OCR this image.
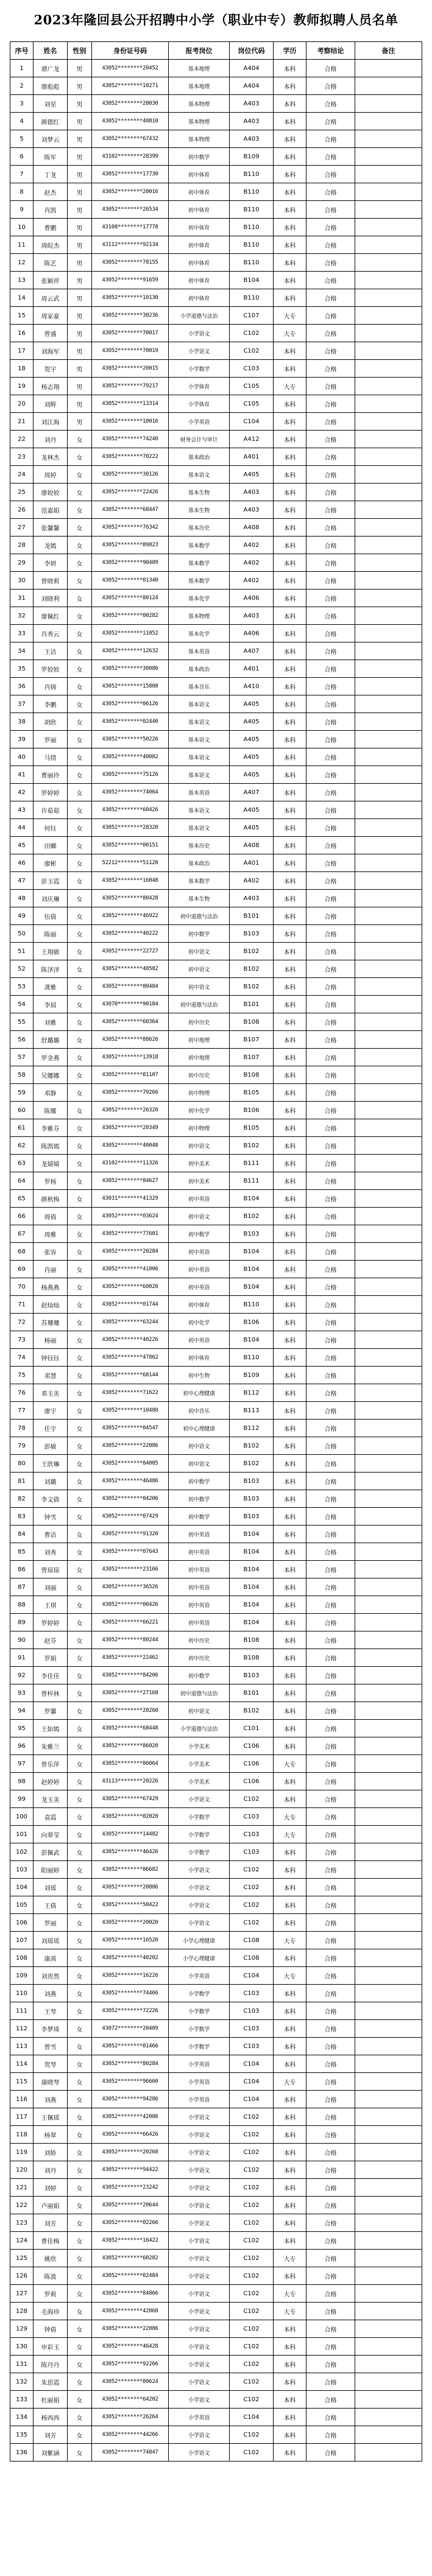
2023年隆回县公开招聘中小学（职业中专）教师拟聘人员名单
序号	姓名	性别	身份证号码	报考岗位	岗位代码	学历	考察结论	备注
1	谭广龙	男	43052********20452	基本地理	A404	本科	合格	
2	廖彪彪	男	43052********10271	基本地理	A404	本科	合格	
3	刘星	男	43052********20030	基本物理	A403	本科	合格	
4	颜德红	男	43052********40810	基本物理	A403	本科	合格	
5	刘梦云	男	43052********67432	基本物理	A403	本科	合格	
6	陈军	男	43102********28399	初中数学	B109	本科	合格	
7	丁龙	男	43052********17730	初中体育	B110	本科	合格	
8	赵杰	男	43052********20016	初中体育	B110	本科	合格	
9	肖凯	男	43052********26534	初中体育	B110	本科	合格	
10	曹鹏	男	43108********17778	初中体育	B110	本科	合格	
11	周皖杰	男	43112********92134	初中体育	B110	本科	合格	
12	陈艺	男	43052********78155	初中体育	B110	本科	合格	
13	张颖祥	男	43052********91659	初中体育	B104	本科	合格	
14	周云武	男	43052********10130	初中体育	B110	本科	合格	
15	周家豪	男	43052********30236	小学道德与法治	C107	大专	合格	
16	曾盛	男	43052********70017	小学语文	C102	大专	合格	
17	刘海军	男	43052********70019	小学语文	C102	本科	合格	
18	贺宇	男	43052********20015	小学数学	C103	本科	合格	
19	杨志翔	男	43052********79217	小学体育	C105	大专	合格	
20	刘辉	男	43052********13314	小学体育	C105	本科	合格	
21	刘江海	男	43052********10016	小学英语	C104	本科	合格	
22	刘丹	女	43052********74240	财务会计与审计	A412	本科	合格	
23	龙林杰	女	43052********70222	基本政治	A401	本科	合格	
24	周婷	女	43052********30126	基本语文	A405	本科	合格	
25	廖姣姣	女	43052********22426	基本生物	A403	本科	合格	
26	范嘉娟	女	43052********68447	基本生物	A403	本科	合格	
27	张馨馨	女	43052********76342	基本历史	A408	本科	合格	
28	龙嫣	女	43052********89823	基本数学	A402	本科	合格	
29	李妍	女	43052********90489	基本数学	A402	本科	合格	
30	曾晓莉	女	43052********01340	基本数学	A402	本科	合格	
31	刘晓利	女	43052********80124	基本化学	A406	本科	合格	
32	廖佩红	女	43052********00282	基本物理	A403	本科	合格	
33	肖秀云	女	43052********11052	基本化学	A406	本科	合格	
34	王洁	女	43052********12632	基本英语	A407	本科	合格	
35	罗姣姣	女	43052********30086	基本政治	A401	本科	合格	
36	肖锦	女	43052********15808	基本音乐	A410	本科	合格	
37	李鹏	女	43052********06126	基本语文	A405	本科	合格	
38	胡欣	女	43052********02440	基本语文	A405	本科	合格	
39	罗丽	女	43052********50226	基本语文	A405	本科	合格	
40	马情	女	43052********40082	基本语文	A405	本科	合格	
41	曹丽玲	女	43052********75126	基本语文	A405	本科	合格	
42	罗婷婷	女	43052********74064	基本英语	A407	本科	合格	
43	许茹茹	女	43052********60426	基本语文	A405	本科	合格	
44	何钰	女	43052********28320	基本语文	A405	本科	合格	
45	田卿	女	43052********00151	基本历史	A408	本科	合格	
46	廖彬	女	52212********51120	基本政治	A401	本科	合格	
47	彭玉霞	女	43052********16048	基本数学	A402	本科	合格	
48	刘庆琳	女	43052********80428	基本生物	A403	本科	合格	
49	伍倩	女	43052********46922	初中道德与法治	B101	本科	合格	
50	陈丽	女	43052********40222	初中数学	B103	本科	合格	
51	王翔敏	女	43052********22727	初中语文	B102	本科	合格	
52	陈泽泽	女	43052********40582	初中语文	B102	本科	合格	
53	龚雅	女	43052********80484	初中语文	B102	本科	合格	
54	李晨	女	43070********90184	初中道德与法治	B101	本科	合格	
55	刘雅	女	43052********60364	初中历史	B108	本科	合格	
56	舒璐璐	女	43052********88626	初中地理	B107	本科	合格	
57	罗金燕	女	43052********13918	初中地理	B107	本科	合格	
58	吴娜娜	女	43052********81107	初中历史	B108	本科	合格	
59	邓静	女	43052********79266	初中物理	B105	本科	合格	
60	陈娜	女	43052********26320	初中化学	B106	本科	合格	
61	李雅芬	女	43052********20349	初中物理	B105	本科	合格	
62	陈凯嫣	女	43052********40048	初中语文	B102	本科	合格	
63	龙婧婧	女	43102********11326	初中美术	B111	本科	合格	
64	罗杨	女	43052********84627	初中美术	B111	本科	合格	
65	颜秋梅	女	43031********41329	初中英语	B104	本科	合格	
66	周倩	女	43052********03624	初中语文	B102	本科	合格	
67	周雅	女	43052********77601	初中数学	B103	本科	合格	
68	张容	女	43052********20284	初中英语	B104	本科	合格	
69	肖丽	女	43052********41006	初中英语	B104	本科	合格	
70	杨燕燕	女	43052********60020	初中英语	B104	本科	合格	
71	赵灿灿	女	43052********01744	初中体育	B110	本科	合格	
72	苏珊珊	女	43052********63244	初中化学	B106	本科	合格	
73	杨丽	女	43052********40226	初中英语	B104	本科	合格	
74	钟钰钰	女	43052********47862	初中体育	B110	本科	合格	
75	邓慧	女	43052********68144	初中生物	B109	本科	合格	
76	邓玉美	女	43052********71622	初中心理健康	B112	本科	合格	
77	廖宇	女	43052********10480	初中音乐	B113	本科	合格	
78	任宇	女	43052********04547	初中心理健康	B112	本科	合格	
79	彭敏	女	43052********22086	初中语文	B102	本科	合格	
80	王欣琳	女	43052********84005	初中语文	B102	本科	合格	
81	刘璐	女	43052********46486	初中数学	B103	本科	合格	
82	李文倩	女	43052********04206	初中数学	B103	本科	合格	
83	钟雪	女	43052********07429	初中数学	B103	本科	合格	
84	曹洁	女	43052********91320	初中英语	B104	本科	合格	
85	刘秀	女	43052********07643	初中英语	B104	本科	合格	
86	曾琼琼	女	43052********23166	初中英语	B104	本科	合格	
87	刘丽	女	43052********36526	初中英语	B104	本科	合格	
88	王琪	女	43052********00426	初中英语	B104	本科	合格	
89	罗婷婷	女	43052********66221	初中英语	B104	本科	合格	
90	赵芬	女	43052********80244	初中历史	B108	本科	合格	
91	罗娟	女	43052********22462	初中历史	B108	本科	合格	
92	李佳佳	女	43052********84206	初中数学	B103	本科	合格	
93	曾梓林	女	43052********27168	初中道德与法治	B101	本科	合格	
94	罗馨	女	43052********20260	初中语文	B102	本科	合格	
95	王如嫣	女	43052********68448	小学道德与法治	C101	本科	合格	
96	朱雅兰	女	43052********86020	小学美术	C106	本科	合格	
97	曾乐萍	女	43052********86064	小学美术	C106	大专	合格	
98	赵婷婷	女	43113********20226	小学美术	C106	本科	合格	
99	龙玉美	女	43052********67429	小学语文	C102	本科	合格	
100	袁霞	女	43052********02020	小学数学	C103	大专	合格	
101	向翠莹	女	43052********14482	小学数学	C103	大专	合格	
102	彭佩武	女	43052********46426	小学数学	C103	本科	合格	
103	阳丽婷	女	43052********86682	小学语文	C102	本科	合格	
104	刘瑶	女	43052********20886	小学语文	C102	本科	合格	
105	王倩	女	43052********50422	小学语文	C102	本科	合格	
106	罗丽	女	43052********20020	小学语文	C102	本科	合格	
107	刘瑶瑶	女	43052********16520	小学心理健康	C108	大专	合格	
108	康茜	女	43052********40202	小学心理健康	C108	本科	合格	
109	刘贵然	女	43052********16226	小学英语	C104	大专	合格	
110	刘燕	女	43052********74466	小学数学	C103	本科	合格	
111	王琴	女	43052********72226	小学数学	C103	本科	合格	
112	李梦琦	女	43072********20409	小学数学	C103	本科	合格	
113	曾雪	女	43052********01466	小学数学	C103	本科	合格	
114	贺琴	女	43052********80284	小学英语	C104	本科	合格	
115	康晓琴	女	43052********96660	小学英语	C104	大专	合格	
116	刘燕	女	43052********94286	小学英语	C104	本科	合格	
117	王佩瑶	女	43052********42086	小学语文	C102	本科	合格	
118	杨翠	女	43052********66426	小学语文	C102	本科	合格	
119	刘娇	女	43052********20268	小学语文	C102	本科	合格	
120	刘丹	女	43052********94422	小学语文	C102	本科	合格	
121	刘婷	女	43052********23242	小学语文	C102	本科	合格	
122	卢丽娟	女	43052********20644	小学语文	C102	本科	合格	
123	刘芳	女	43052********02266	小学语文	C102	本科	合格	
124	曹佳梅	女	43052********16422	小学语文	C102	本科	合格	
125	姚欣	女	43052********60282	小学语文	C102	大专	合格	
126	陈波	女	43052********02484	小学语文	C102	本科	合格	
127	罗莉	女	43052********84866	小学语文	C102	大专	合格	
128	毛海珍	女	43052********42068	小学语文	C102	大专	合格	
129	钟倩	女	43052********22086	小学语文	C102	本科	合格	
130	申彩玉	女	43052********46428	小学语文	C102	本科	合格	
131	陈丹丹	女	43052********92266	小学语文	C102	本科	合格	
132	朱思霞	女	43052********80624	小学语文	C102	本科	合格	
133	杜丽娟	女	43052********64202	小学语文	C102	本科	合格	
134	杨西西	女	43052********26264	小学英语	C104	本科	合格	
135	刘芳	女	43052********44266	小学语文	C102	本科	合格	
136	刘紫涵	女	43052********74847	小学语文	C102	本科	合格	
